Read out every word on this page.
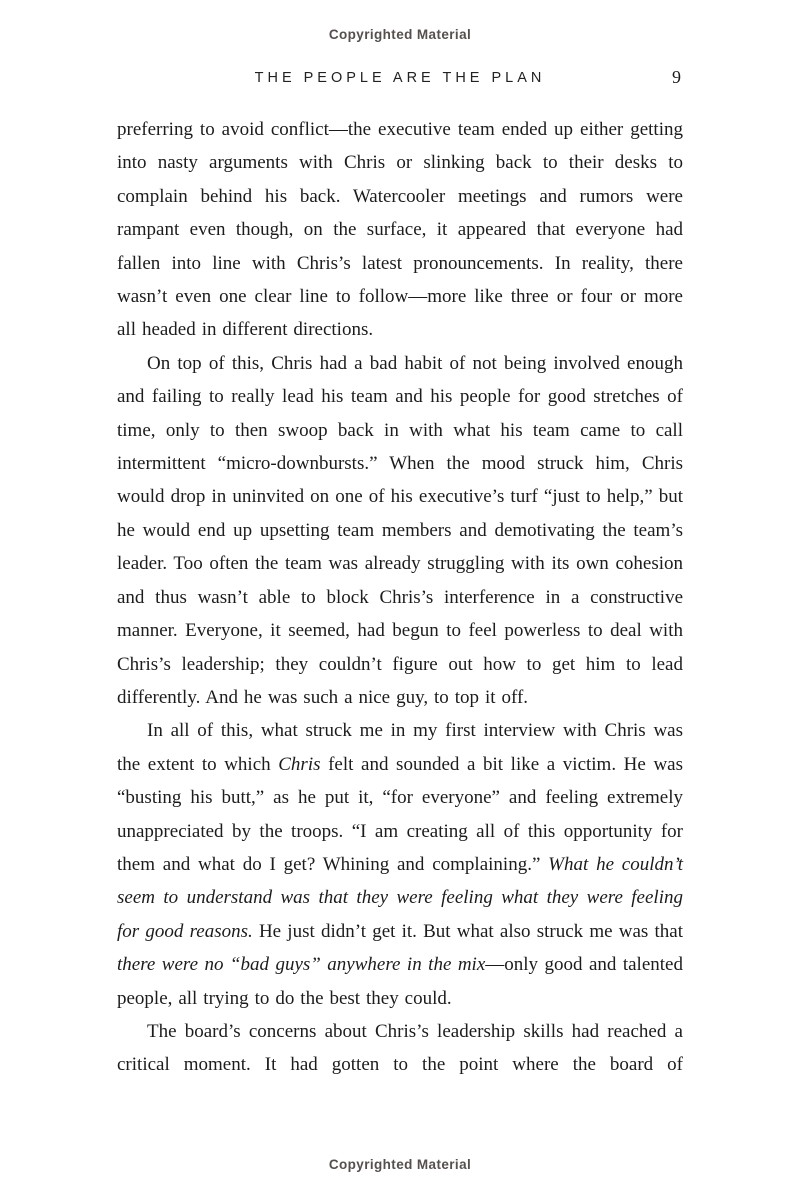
Copyrighted Material
THE PEOPLE ARE THE PLAN	9

preferring to avoid conflict—the executive team ended up either getting into nasty arguments with Chris or slinking back to their desks to complain behind his back. Watercooler meetings and rumors were rampant even though, on the surface, it appeared that everyone had fallen into line with Chris’s latest pronouncements. In reality, there wasn’t even one clear line to follow—more like three or four or more all headed in different directions.

On top of this, Chris had a bad habit of not being involved enough and failing to really lead his team and his people for good stretches of time, only to then swoop back in with what his team came to call intermittent “micro-downbursts.” When the mood struck him, Chris would drop in uninvited on one of his executive’s turf “just to help,” but he would end up upsetting team members and demotivating the team’s leader. Too often the team was already struggling with its own cohesion and thus wasn’t able to block Chris’s interference in a constructive manner. Everyone, it seemed, had begun to feel powerless to deal with Chris’s leadership; they couldn’t figure out how to get him to lead differently. And he was such a nice guy, to top it off.

In all of this, what struck me in my first interview with Chris was the extent to which Chris felt and sounded a bit like a victim. He was “busting his butt,” as he put it, “for everyone” and feeling extremely unappreciated by the troops. “I am creating all of this opportunity for them and what do I get? Whining and complaining.” What he couldn’t seem to understand was that they were feeling what they were feeling for good reasons. He just didn’t get it. But what also struck me was that there were no “bad guys” anywhere in the mix—only good and talented people, all trying to do the best they could.

The board’s concerns about Chris’s leadership skills had reached a critical moment. It had gotten to the point where the board of

Copyrighted Material
